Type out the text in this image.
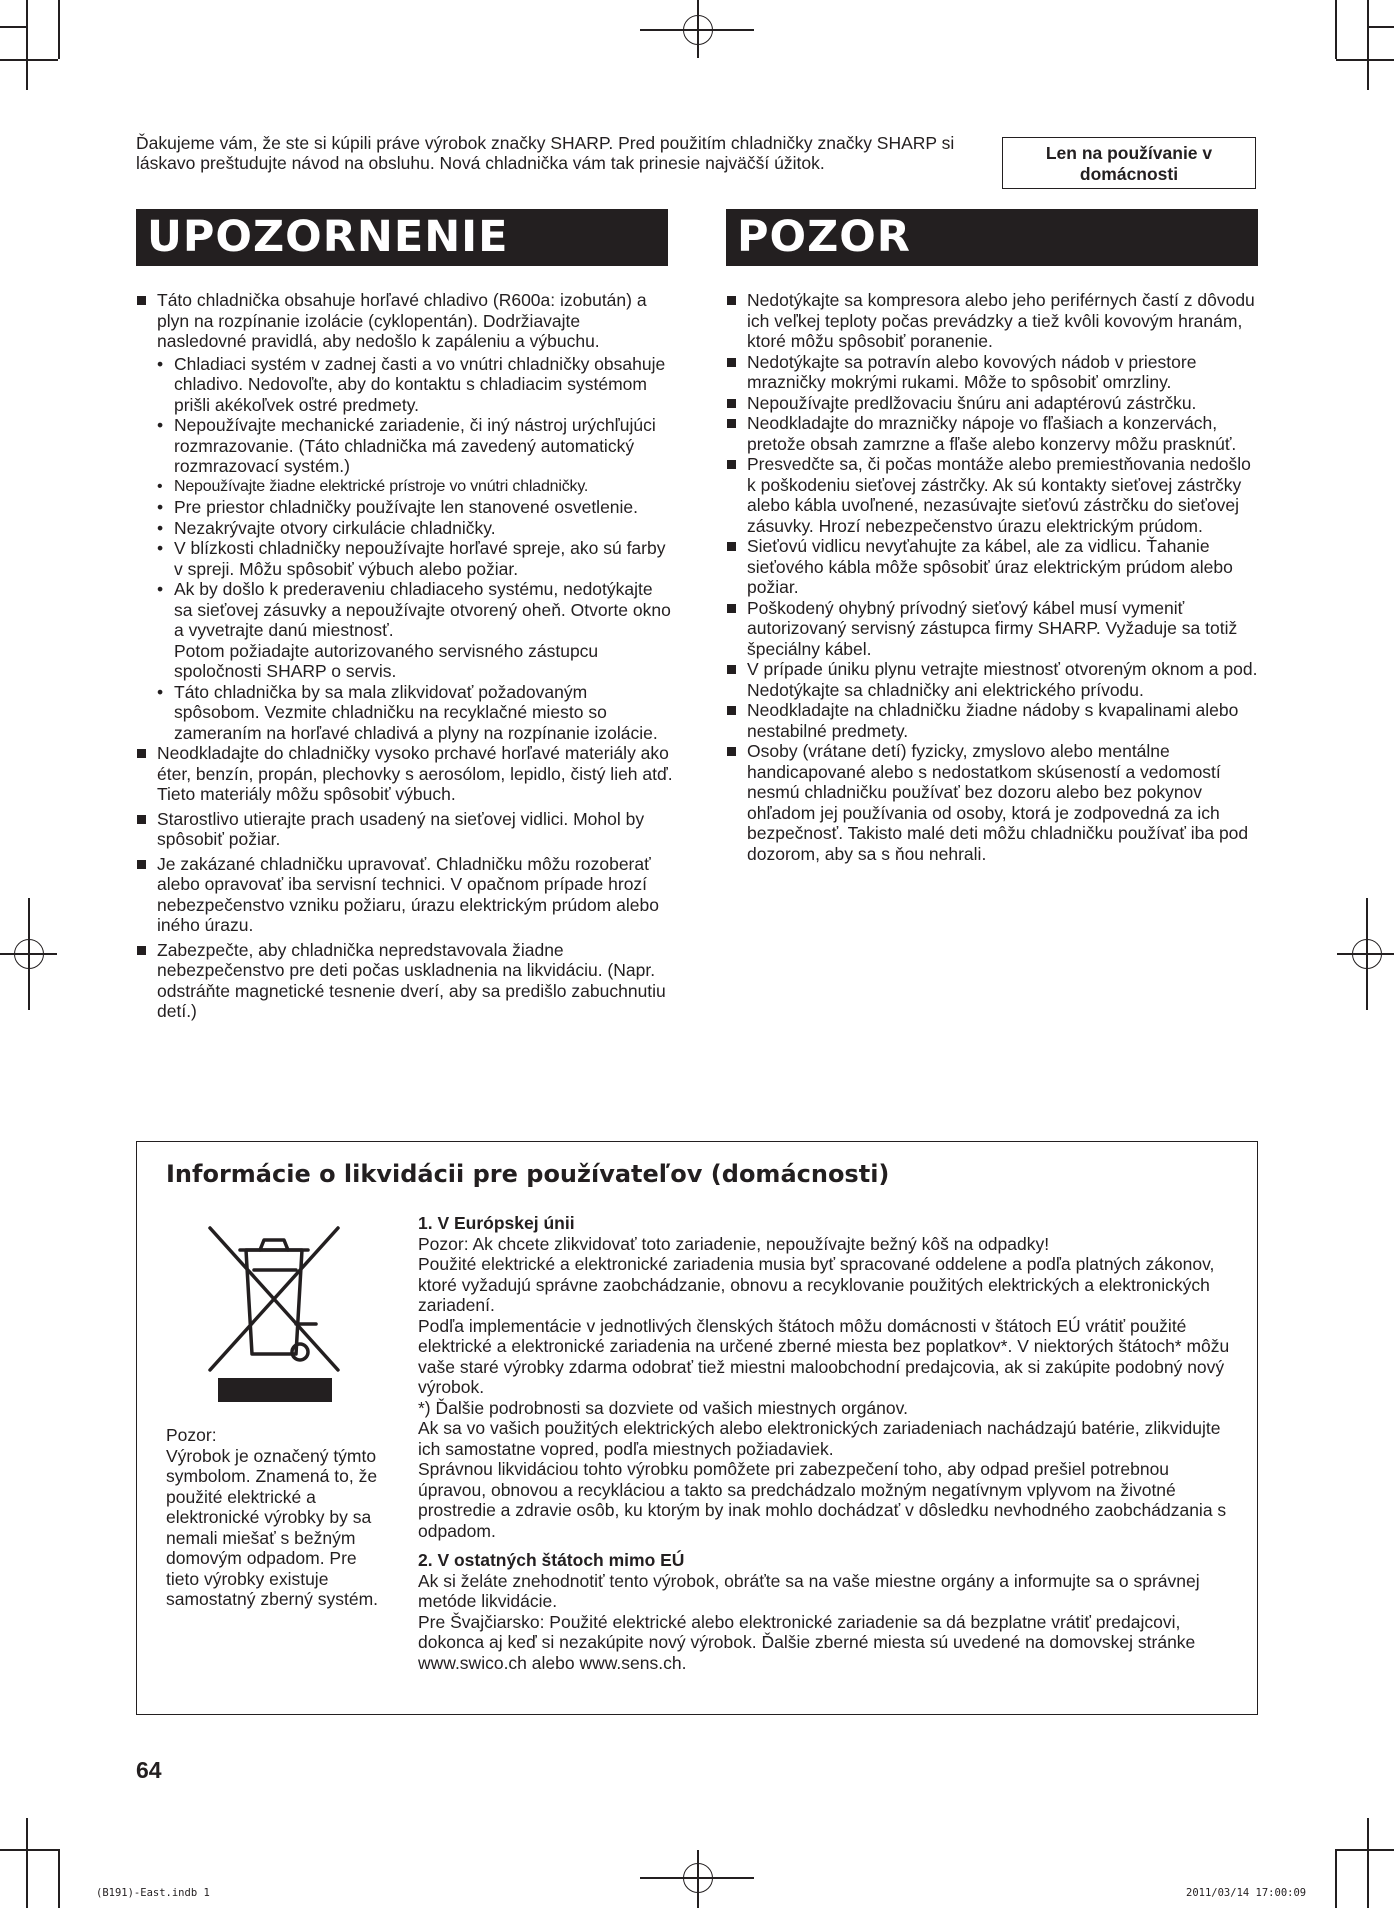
Ďakujeme vám, že ste si kúpili práve výrobok značky SHARP. Pred použitím chladničky značky SHARP si láskavo preštudujte návod na obsluhu. Nová chladnička vám tak prinesie najväčší úžitok.	Len na používanie v domácnosti
UPOZORNENIE	POZOR
Táto chladnička obsahuje horľavé chladivo (R600a: izobután) a plyn na rozpínanie izolácie (cyklopentán). Dodržiavajte nasledovné pravidlá, aby nedošlo k zapáleniu a výbuchu.
• Chladiaci systém v zadnej časti a vo vnútri chladničky obsahuje chladivo. Nedovoľte, aby do kontaktu s chladiacim systémom prišli akékoľvek ostré predmety.
• Nepoužívajte mechanické zariadenie, či iný nástroj urýchľujúci rozmrazovanie. (Táto chladnička má zavedený automatický rozmrazovací systém.)
• Nepoužívajte žiadne elektrické prístroje vo vnútri chladničky.
• Pre priestor chladničky používajte len stanovené osvetlenie.
• Nezakrývajte otvory cirkulácie chladničky.
• V blízkosti chladničky nepoužívajte horľavé spreje, ako sú farby v spreji. Môžu spôsobiť výbuch alebo požiar.
• Ak by došlo k prederaveniu chladiaceho systému, nedotýkajte sa sieťovej zásuvky a nepoužívajte otvorený oheň. Otvorte okno a vyvetrajte danú miestnosť.
Potom požiadajte autorizovaného servisného zástupcu spoločnosti SHARP o servis.
• Táto chladnička by sa mala zlikvidovať požadovaným spôsobom. Vezmite chladničku na recyklačné miesto so zameraním na horľavé chladivá a plyny na rozpínanie izolácie.
Neodkladajte do chladničky vysoko prchavé horľavé materiály ako éter, benzín, propán, plechovky s aerosólom, lepidlo, čistý lieh atď.
Tieto materiály môžu spôsobiť výbuch.
Starostlivo utierajte prach usadený na sieťovej vidlici. Mohol by spôsobiť požiar.
Je zakázané chladničku upravovať. Chladničku môžu rozoberať alebo opravovať iba servisní technici. V opačnom prípade hrozí nebezpečenstvo vzniku požiaru, úrazu elektrickým prúdom alebo iného úrazu.
Zabezpečte, aby chladnička nepredstavovala žiadne nebezpečenstvo pre deti počas uskladnenia na likvidáciu. (Napr. odstráňte magnetické tesnenie dverí, aby sa predišlo zabuchnutiu detí.)
Nedotýkajte sa kompresora alebo jeho periférnych častí z dôvodu ich veľkej teploty počas prevádzky a tiež kvôli kovovým hranám, ktoré môžu spôsobiť poranenie.
Nedotýkajte sa potravín alebo kovových nádob v priestore mrazničky mokrými rukami. Môže to spôsobiť omrzliny.
Nepoužívajte predlžovaciu šnúru ani adaptérovú zástrčku.
Neodkladajte do mrazničky nápoje vo fľašiach a konzervách, pretože obsah zamrzne a fľaše alebo konzervy môžu prasknúť.
Presvedčte sa, či počas montáže alebo premiestňovania nedošlo k poškodeniu sieťovej zástrčky. Ak sú kontakty sieťovej zástrčky alebo kábla uvoľnené, nezasúvajte sieťovú zástrčku do sieťovej zásuvky. Hrozí nebezpečenstvo úrazu elektrickým prúdom.
Sieťovú vidlicu nevyťahujte za kábel, ale za vidlicu. Ťahanie sieťového kábla môže spôsobiť úraz elektrickým prúdom alebo požiar.
Poškodený ohybný prívodný sieťový kábel musí vymeniť autorizovaný servisný zástupca firmy SHARP. Vyžaduje sa totiž špeciálny kábel.
V prípade úniku plynu vetrajte miestnosť otvoreným oknom a pod. Nedotýkajte sa chladničky ani elektrického prívodu.
Neodkladajte na chladničku žiadne nádoby s kvapalinami alebo nestabilné predmety.
Osoby (vrátane detí) fyzicky, zmyslovo alebo mentálne handicapované alebo s nedostatkom skúseností a vedomostí nesmú chladničku používať bez dozoru alebo bez pokynov ohľadom jej používania od osoby, ktorá je zodpovedná za ich bezpečnosť. Takisto malé deti môžu chladničku používať iba pod dozorom, aby sa s ňou nehrali.
Informácie o likvidácii pre používateľov (domácnosti)
Pozor:
Výrobok je označený týmto symbolom. Znamená to, že použité elektrické a elektronické výrobky by sa nemali miešať s bežným domovým odpadom. Pre tieto výrobky existuje samostatný zberný systém.
1. V Európskej únii

Pozor: Ak chcete zlikvidovať toto zariadenie, nepoužívajte bežný kôš na odpadky!

Použité elektrické a elektronické zariadenia musia byť spracované oddelene a podľa platných zákonov, ktoré vyžadujú správne zaobchádzanie, obnovu a recyklovanie použitých elektrických a elektronických zariadení.

Podľa implementácie v jednotlivých členských štátoch môžu domácnosti v štátoch EÚ vrátiť použité elektrické a elektronické zariadenia na určené zberné miesta bez poplatkov*. V niektorých štátoch* môžu vaše staré výrobky zdarma odobrať tiež miestni maloobchodní predajcovia, ak si zakúpite podobný nový výrobok.

*) Ďalšie podrobnosti sa dozviete od vašich miestnych orgánov.

Ak sa vo vašich použitých elektrických alebo elektronických zariadeniach nachádzajú batérie, zlikvidujte ich samostatne vopred, podľa miestnych požiadaviek.

Správnou likvidáciou tohto výrobku pomôžete pri zabezpečení toho, aby odpad prešiel potrebnou úpravou, obnovou a recykláciou a takto sa predchádzalo možným negatívnym vplyvom na životné prostredie a zdravie osôb, ku ktorým by inak mohlo dochádzať v dôsledku nevhodného zaobchádzania s odpadom.

2. V ostatných štátoch mimo EÚ

Ak si želáte znehodnotiť tento výrobok, obráťte sa na vaše miestne orgány a informujte sa o správnej metóde likvidácie.

Pre Švajčiarsko: Použité elektrické alebo elektronické zariadenie sa dá bezplatne vrátiť predajcovi, dokonca aj keď si nezakúpite nový výrobok. Ďalšie zberné miesta sú uvedené na domovskej stránke www.swico.ch alebo www.sens.ch.

64
(B191)-East.indb 1	2011/03/14 17:00:09
